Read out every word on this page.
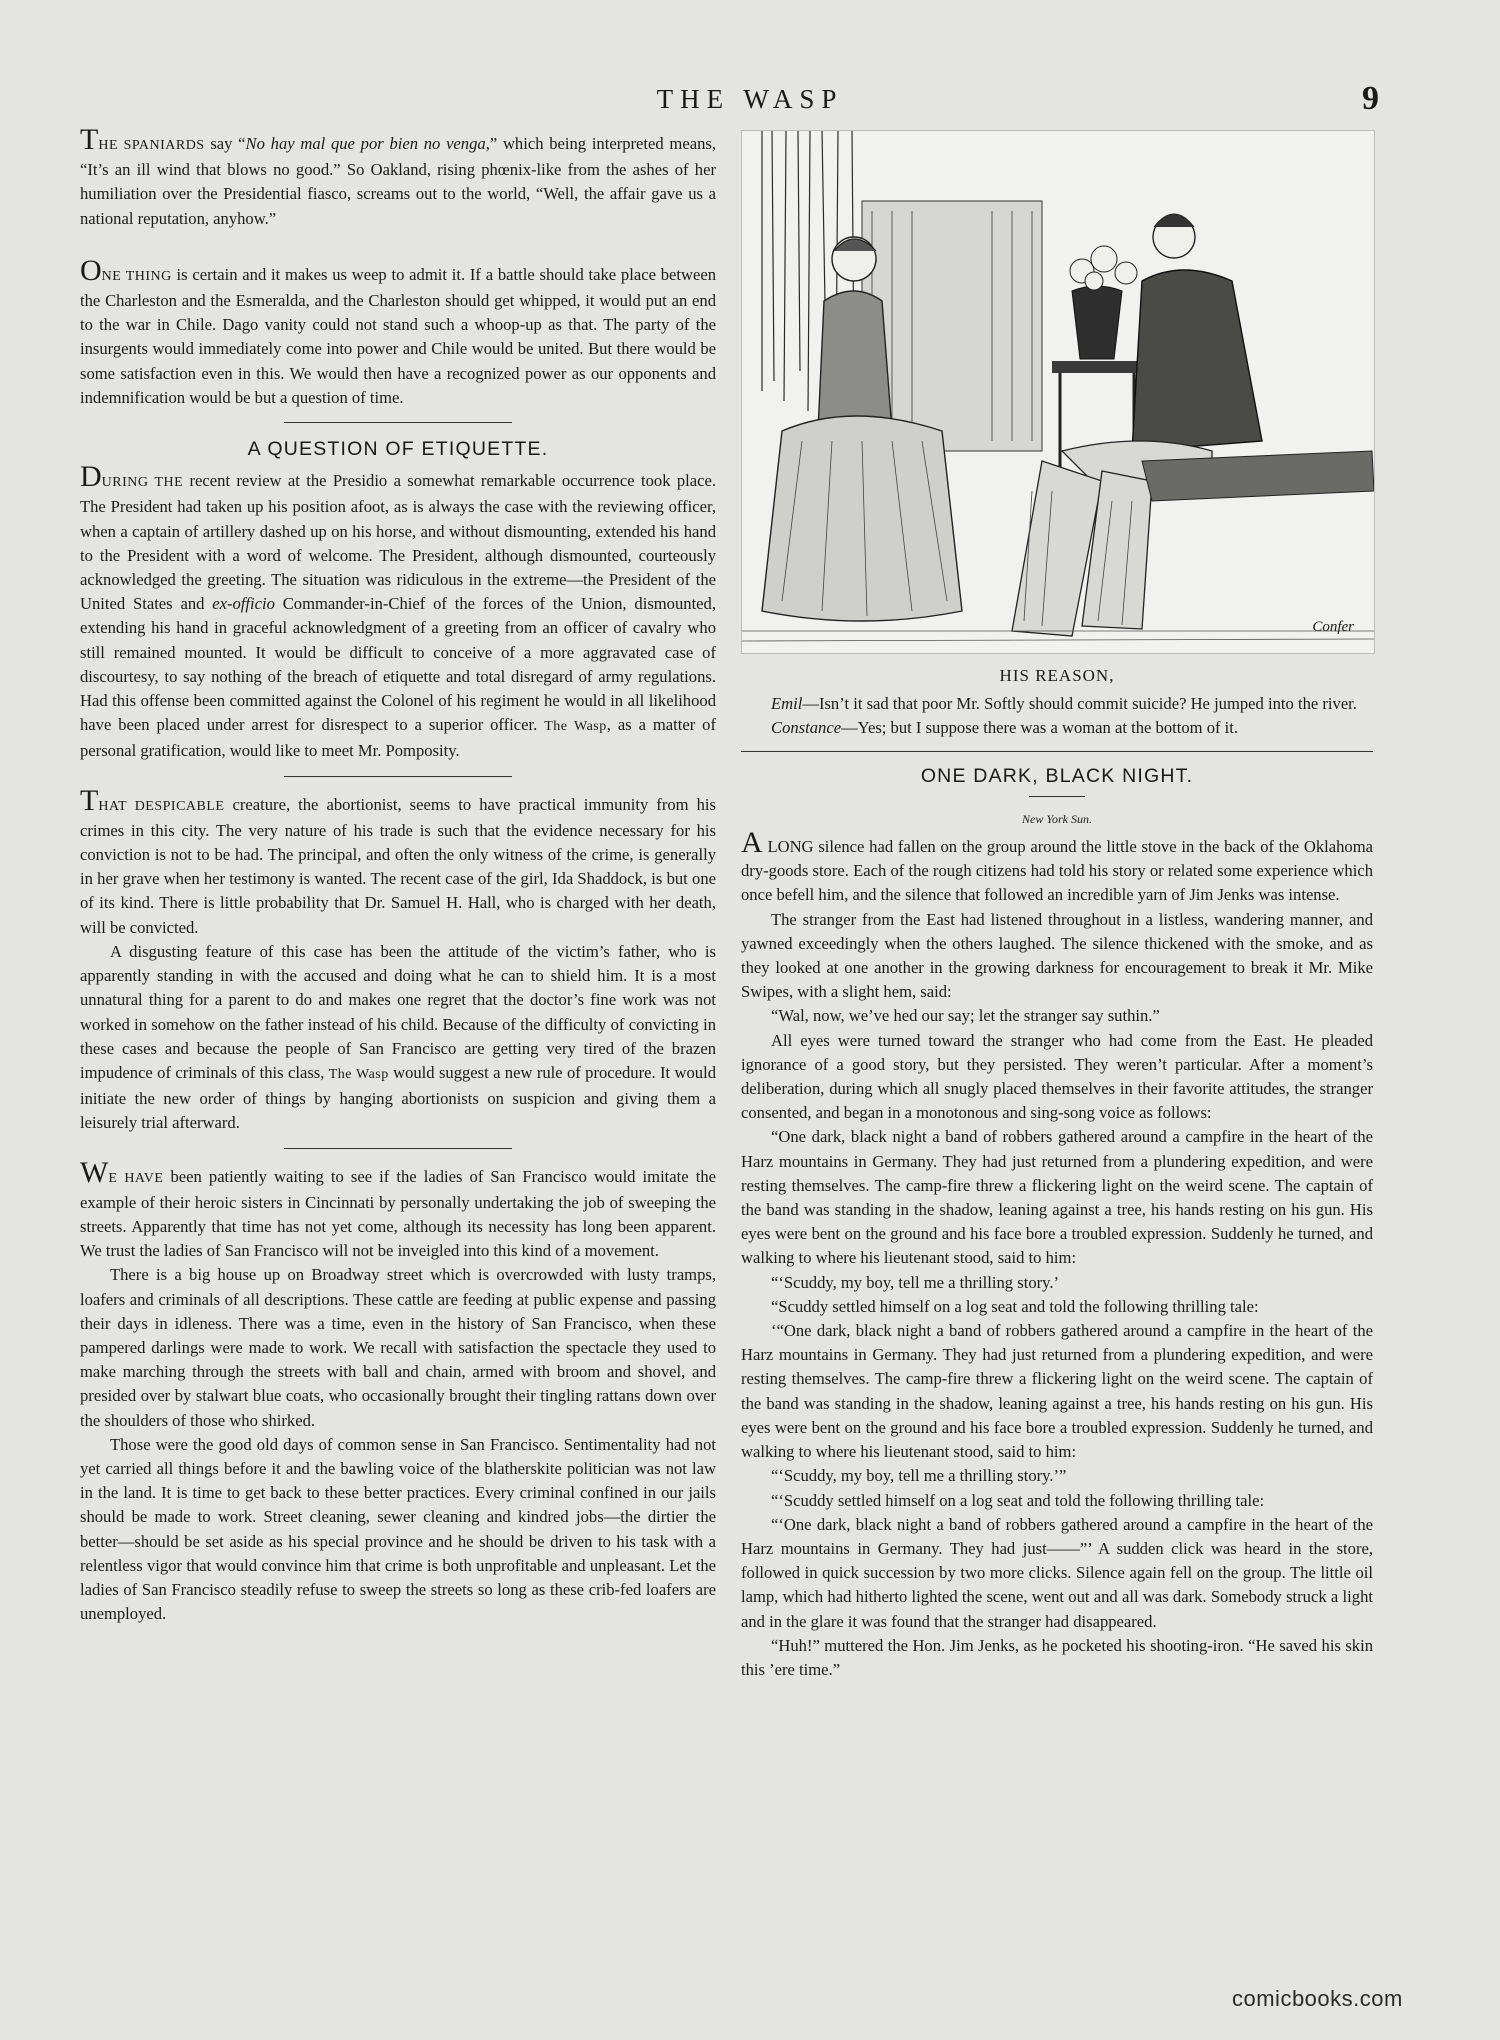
THE WASP	9

THE SPANIARDS say “No hay mal que por bien no venga,” which being interpreted means, “It’s an ill wind that blows no good.” So Oakland, rising phœnix-like from the ashes of her humiliation over the Presidential fiasco, screams out to the world, “Well, the affair gave us a national reputation, anyhow.”

ONE THING is certain and it makes us weep to admit it. If a battle should take place between the Charleston and the Esmeralda, and the Charleston should get whipped, it would put an end to the war in Chile. Dago vanity could not stand such a whoop-up as that. The party of the insurgents would immediately come into power and Chile would be united. But there would be some satisfaction even in this. We would then have a recognized power as our opponents and indemnification would be but a question of time.

A QUESTION OF ETIQUETTE.

DURING THE recent review at the Presidio a somewhat remarkable occurrence took place. The President had taken up his position afoot, as is always the case with the reviewing officer, when a captain of artillery dashed up on his horse, and without dismounting, extended his hand to the President with a word of welcome. The President, although dismounted, courteously acknowledged the greeting. The situation was ridiculous in the extreme—the President of the United States and ex-officio Commander-in-Chief of the forces of the Union, dismounted, extending his hand in graceful acknowledgment of a greeting from an officer of cavalry who still remained mounted. It would be difficult to conceive of a more aggravated case of discourtesy, to say nothing of the breach of etiquette and total disregard of army regulations. Had this offense been committed against the Colonel of his regiment he would in all likelihood have been placed under arrest for disrespect to a superior officer. The Wasp, as a matter of personal gratification, would like to meet Mr. Pomposity.

THAT DESPICABLE creature, the abortionist, seems to have practical immunity from his crimes in this city. The very nature of his trade is such that the evidence necessary for his conviction is not to be had. The principal, and often the only witness of the crime, is generally in her grave when her testimony is wanted. The recent case of the girl, Ida Shaddock, is but one of its kind. There is little probability that Dr. Samuel H. Hall, who is charged with her death, will be convicted.

A disgusting feature of this case has been the attitude of the victim’s father, who is apparently standing in with the accused and doing what he can to shield him. It is a most unnatural thing for a parent to do and makes one regret that the doctor’s fine work was not worked in somehow on the father instead of his child. Because of the difficulty of convicting in these cases and because the people of San Francisco are getting very tired of the brazen impudence of criminals of this class, The Wasp would suggest a new rule of procedure. It would initiate the new order of things by hanging abortionists on suspicion and giving them a leisurely trial afterward.

WE HAVE been patiently waiting to see if the ladies of San Francisco would imitate the example of their heroic sisters in Cincinnati by personally undertaking the job of sweeping the streets. Apparently that time has not yet come, although its necessity has long been apparent. We trust the ladies of San Francisco will not be inveigled into this kind of a movement.

There is a big house up on Broadway street which is overcrowded with lusty tramps, loafers and criminals of all descriptions. These cattle are feeding at public expense and passing their days in idleness. There was a time, even in the history of San Francisco, when these pampered darlings were made to work. We recall with satisfaction the spectacle they used to make marching through the streets with ball and chain, armed with broom and shovel, and presided over by stalwart blue coats, who occasionally brought their tingling rattans down over the shoulders of those who shirked.

Those were the good old days of common sense in San Francisco. Sentimentality had not yet carried all things before it and the bawling voice of the blatherskite politician was not law in the land. It is time to get back to these better practices. Every criminal confined in our jails should be made to work. Street cleaning, sewer cleaning and kindred jobs—the dirtier the better—should be set aside as his special province and he should be driven to his task with a relentless vigor that would convince him that crime is both unprofitable and unpleasant. Let the ladies of San Francisco steadily refuse to sweep the streets so long as these crib-fed loafers are unemployed.

Confer
HIS REASON,

Emil—Isn’t it sad that poor Mr. Softly should commit suicide? He jumped into the river.

Constance—Yes; but I suppose there was a woman at the bottom of it.

ONE DARK, BLACK NIGHT.
New York Sun.

A LONG silence had fallen on the group around the little stove in the back of the Oklahoma dry-goods store. Each of the rough citizens had told his story or related some experience which once befell him, and the silence that followed an incredible yarn of Jim Jenks was intense.

The stranger from the East had listened throughout in a listless, wandering manner, and yawned exceedingly when the others laughed. The silence thickened with the smoke, and as they looked at one another in the growing darkness for encouragement to break it Mr. Mike Swipes, with a slight hem, said:

“Wal, now, we’ve hed our say; let the stranger say suthin.”

All eyes were turned toward the stranger who had come from the East. He pleaded ignorance of a good story, but they persisted. They weren’t particular. After a moment’s deliberation, during which all snugly placed themselves in their favorite attitudes, the stranger consented, and began in a monotonous and sing-song voice as follows:

“One dark, black night a band of robbers gathered around a campfire in the heart of the Harz mountains in Germany. They had just returned from a plundering expedition, and were resting themselves. The camp-fire threw a flickering light on the weird scene. The captain of the band was standing in the shadow, leaning against a tree, his hands resting on his gun. His eyes were bent on the ground and his face bore a troubled expression. Suddenly he turned, and walking to where his lieutenant stood, said to him:

“‘Scuddy, my boy, tell me a thrilling story.’

“Scuddy settled himself on a log seat and told the following thrilling tale:

‘“One dark, black night a band of robbers gathered around a campfire in the heart of the Harz mountains in Germany. They had just returned from a plundering expedition, and were resting themselves. The camp-fire threw a flickering light on the weird scene. The captain of the band was standing in the shadow, leaning against a tree, his hands resting on his gun. His eyes were bent on the ground and his face bore a troubled expression. Suddenly he turned, and walking to where his lieutenant stood, said to him:

“‘Scuddy, my boy, tell me a thrilling story.’”

“‘Scuddy settled himself on a log seat and told the following thrilling tale:

“‘One dark, black night a band of robbers gathered around a campfire in the heart of the Harz mountains in Germany. They had just——”’ A sudden click was heard in the store, followed in quick succession by two more clicks. Silence again fell on the group. The little oil lamp, which had hitherto lighted the scene, went out and all was dark. Somebody struck a light and in the glare it was found that the stranger had disappeared.

“Huh!” muttered the Hon. Jim Jenks, as he pocketed his shooting-iron. “He saved his skin this ’ere time.”

comicbooks.com
